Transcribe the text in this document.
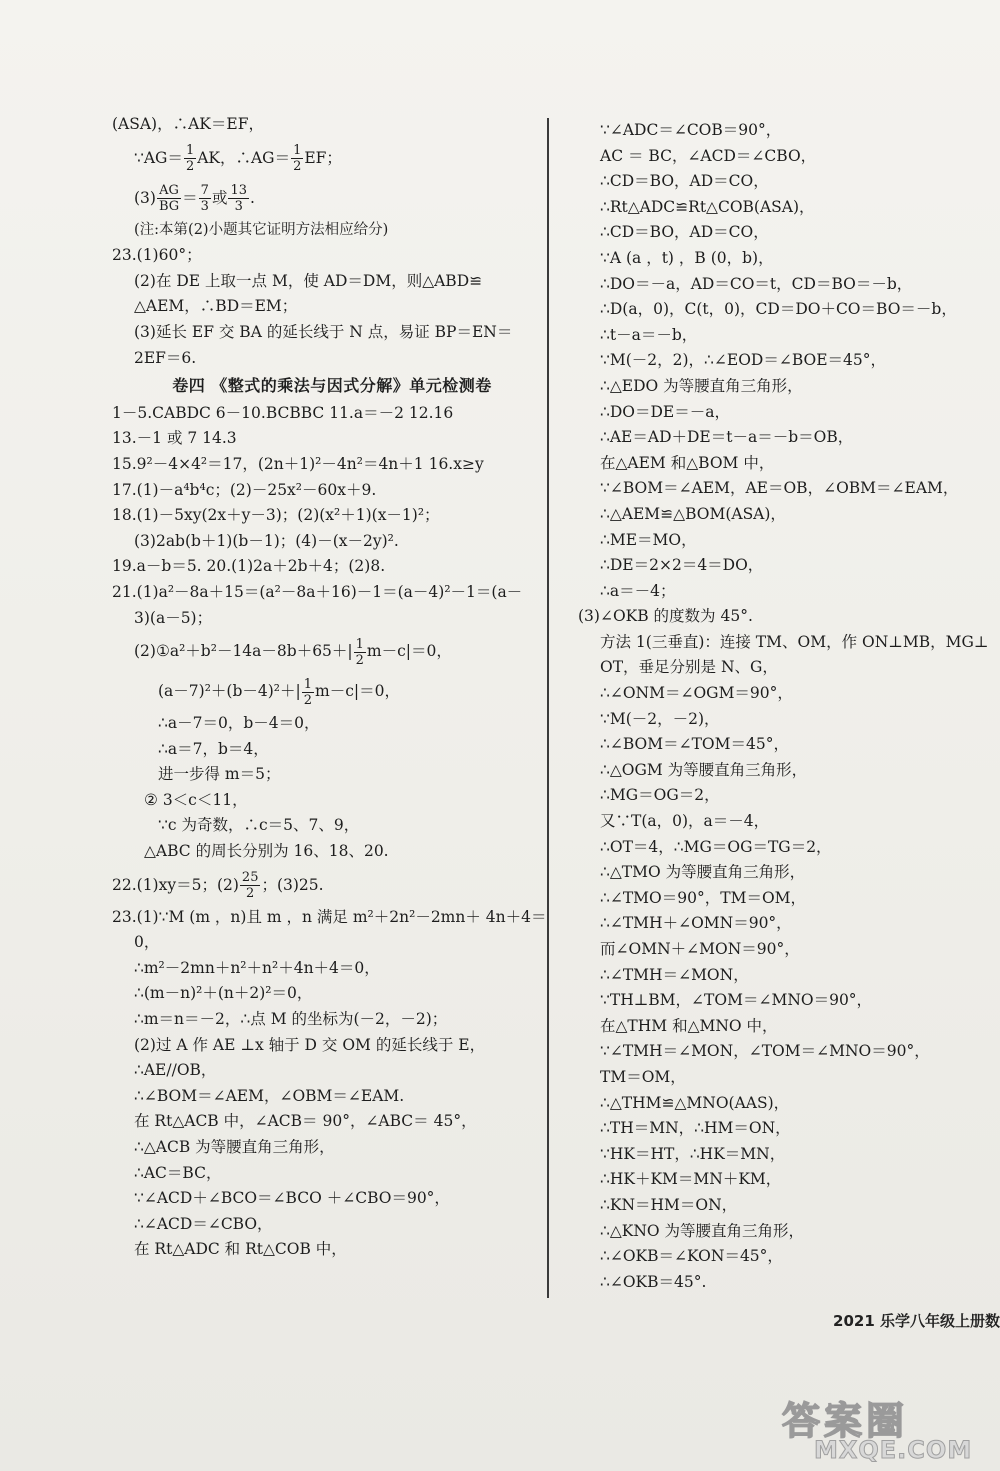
(ASA)，∴AK＝EF，
∵AG＝ $\frac{1}{2}$ AK，∴AG＝ $\frac{1}{2}$ EF；
$(3) \frac{AG}{BG} = \frac{7}{3}$ 或 $\frac{13}{3}$ .
(注:本第(2)小题其它证明方法相应给分)
23.(1)60°；
(2)在 DE 上取一点 M，使 AD＝DM，则△ABD≌
△AEM，∴BD＝EM；
(3)延长 EF 交 BA 的延长线于 N 点，易证 BP＝EN＝
2EF＝6.
卷四 《整式的乘法与因式分解》单元检测卷
1－5.CABDC 6－10.BCBBC 11.a＝－2 12.16
13.－1 或 7 14.3
15.9²－4×4²＝17，(2n＋1)²－4n²＝4n＋1 16.x≥y
17.(1)－a⁴b⁴c；(2)－25x²－60x＋9.
18.(1)－5xy(2x＋y－3)；(2)(x²＋1)(x－1)²；
(3)2ab(b＋1)(b－1)；(4)－(x－2y)².
19.a－b＝5. 20.(1)2a＋2b＋4；(2)8.
21.(1)a²－8a＋15＝(a²－8a＋16)－1＝(a－4)²－1＝(a－
3)(a－5)；
(2)①a²＋b²－14a－8b＋65＋| $\frac{1}{2} m-c|=0$，
$(a-7)^2+(b-4)^2+| \frac{1}{2} m-c|=0$，
∴a－7＝0，b－4＝0，
∴a＝7，b＝4，
进一步得 m＝5；
② 3＜c＜11，
∵c 为奇数，∴c＝5、7、9，
△ABC 的周长分别为 16、18、20.
22.(1)xy＝5；$(2) \frac{25}{2}$ ；(3)25.
23.(1)∵M (m ，n)且 m ，n 满足 m²＋2n²－2mn＋ 4n＋4＝
0，
∴m²－2mn＋n²＋n²＋4n＋4＝0，
∴(m－n)²＋(n＋2)²＝0，
∴m＝n＝－2，∴点 M 的坐标为(－2，－2)；
(2)过 A 作 AE ⊥x 轴于 D 交 OM 的延长线于 E，
∴AE//OB，
∴∠BOM＝∠AEM，∠OBM＝∠EAM.
在 Rt△ACB 中，∠ACB＝ 90°，∠ABC＝ 45°，
∴△ACB 为等腰直角三角形，
∴AC＝BC，
∵∠ACD＋∠BCO＝∠BCO ＋∠CBO＝90°，
∴∠ACD＝∠CBO，
在 Rt△ADC 和 Rt△COB 中，
∵∠ADC＝∠COB＝90°，
AC ＝ BC，∠ACD＝∠CBO，
∴CD＝BO，AD＝CO，
∴Rt△ADC≌Rt△COB(ASA)，
∴CD＝BO，AD＝CO，
∵A (a ，t) ，B (0，b)，
∴DO＝－a，AD＝CO＝t，CD＝BO＝－b，
∴D(a，0)，C(t，0)，CD＝DO＋CO＝BO＝－b，
∴t－a＝－b，
∵M(－2，2)，∴∠EOD＝∠BOE＝45°，
∴△EDO 为等腰直角三角形，
∴DO＝DE＝－a，
∴AE＝AD＋DE＝t－a＝－b＝OB，
在△AEM 和△BOM 中，
∵∠BOM＝∠AEM，AE＝OB，∠OBM＝∠EAM，
∴△AEM≌△BOM(ASA)，
∴ME＝MO，
∴DE＝2×2＝4＝DO，
∴a＝－4；
(3)∠OKB 的度数为 45°.
方法 1(三垂直)：连接 TM、OM，作 ON⊥MB，MG⊥
OT，垂足分别是 N、G，
∴∠ONM＝∠OGM＝90°，
∵M(－2，－2)，
∴∠BOM＝∠TOM＝45°，
∴△OGM 为等腰直角三角形，
∴MG＝OG＝2，
又∵T(a，0)，a＝－4，
∴OT＝4，∴MG＝OG＝TG＝2，
∴△TMO 为等腰直角三角形，
∴∠TMO＝90°，TM＝OM，
∴∠TMH＋∠OMN＝90°，
而∠OMN＋∠MON＝90°，
∴∠TMH＝∠MON，
∵TH⊥BM，∠TOM＝∠MNO＝90°，
在△THM 和△MNO 中，
∵∠TMH＝∠MON，∠TOM＝∠MNO＝90°，
TM＝OM，
∴△THM≌△MNO(AAS)，
∴TH＝MN，∴HM＝ON，
∵HK＝HT，∴HK＝MN，
∴HK＋KM＝MN＋KM，
∴KN＝HM＝ON，
∴△KNO 为等腰直角三角形，
∴∠OKB＝∠KON＝45°，
∴∠OKB＝45°.
2021 乐学八年级上册数
答案圈
MXQE.COM
